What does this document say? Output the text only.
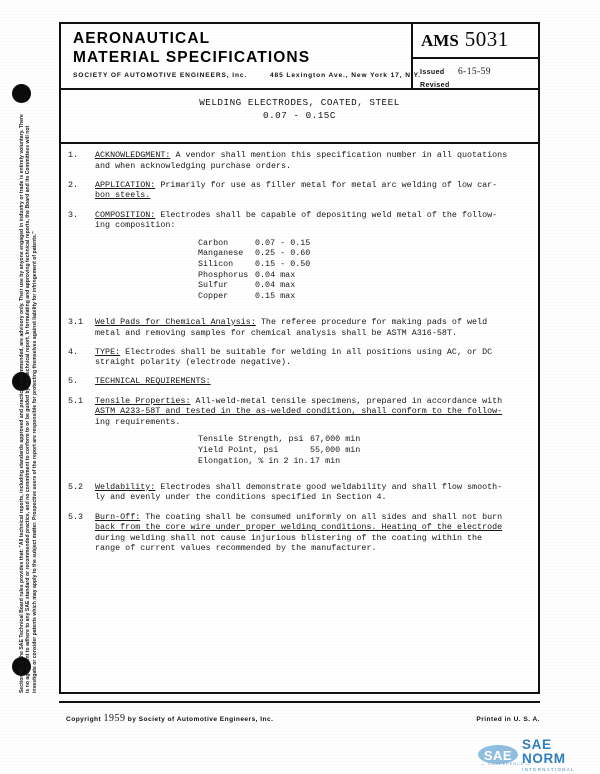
Section 7C of the SAE Technical Board rules provides that: "All technical reports, including standards approved and practices recommended, are advisory only. Their use by anyone engaged in industry or trade is entirely voluntary. There is no agreement to adhere to any SAE standard or recommended practice, and no commitment to conform to or be guided by any technical report. In formulating and approving technical reports, the Board and its Committees will not investigate or consider patents which may apply to the subject matter. Prospective users of the report are responsible for protecting themselves against liability for infringement of patents."
AERONAUTICAL
MATERIAL SPECIFICATIONS
SOCIETY OF AUTOMOTIVE ENGINEERS, Inc.	485 Lexington Ave., New York 17, N.Y.
AMS 5031
Issued 6-15-59
Revised
WELDING ELECTRODES, COATED, STEEL
0.07 - 0.15C
1.	ACKNOWLEDGMENT: A vendor shall mention this specification number in all quotations
and when acknowledging purchase orders.
2.	APPLICATION: Primarily for use as filler metal for metal arc welding of low car-
bon steels.
3.	COMPOSITION: Electrodes shall be capable of depositing weld metal of the follow-
ing composition:
Carbon	0.07 - 0.15
Manganese	0.25 - 0.60
Silicon	0.15 - 0.50
Phosphorus 0.04 max
Sulfur	0.04 max
Copper	0.15 max
3.1	Weld Pads for Chemical Analysis: The referee procedure for making pads of weld
metal and removing samples for chemical analysis shall be ASTM A316-58T.
4.	TYPE: Electrodes shall be suitable for welding in all positions using AC, or DC
straight polarity (electrode negative).
5.	TECHNICAL REQUIREMENTS:
5.1	Tensile Properties: All-weld-metal tensile specimens, prepared in accordance with
ASTM A233-58T and tested in the as-welded condition, shall conform to the follow-
ing requirements.
Tensile Strength, psi 67,000 min
Yield Point, psi	55,000 min
Elongation, % in 2 in. 17 min
5.2	Weldability: Electrodes shall demonstrate good weldability and shall flow smooth-
ly and evenly under the conditions specified in Section 4.
5.3	Burn-Off: The coating shall be consumed uniformly on all sides and shall not burn
back from the core wire under proper welding conditions. Heating of the electrode
during welding shall not cause injurious blistering of the coating within the
range of current values recommended by the manufacturer.
Copyright 1959 by Society of Automotive Engineers, Inc.	Printed in U. S. A.
SAE
SAE NORM
INTERNATIONAL
— CONFERENCE —
